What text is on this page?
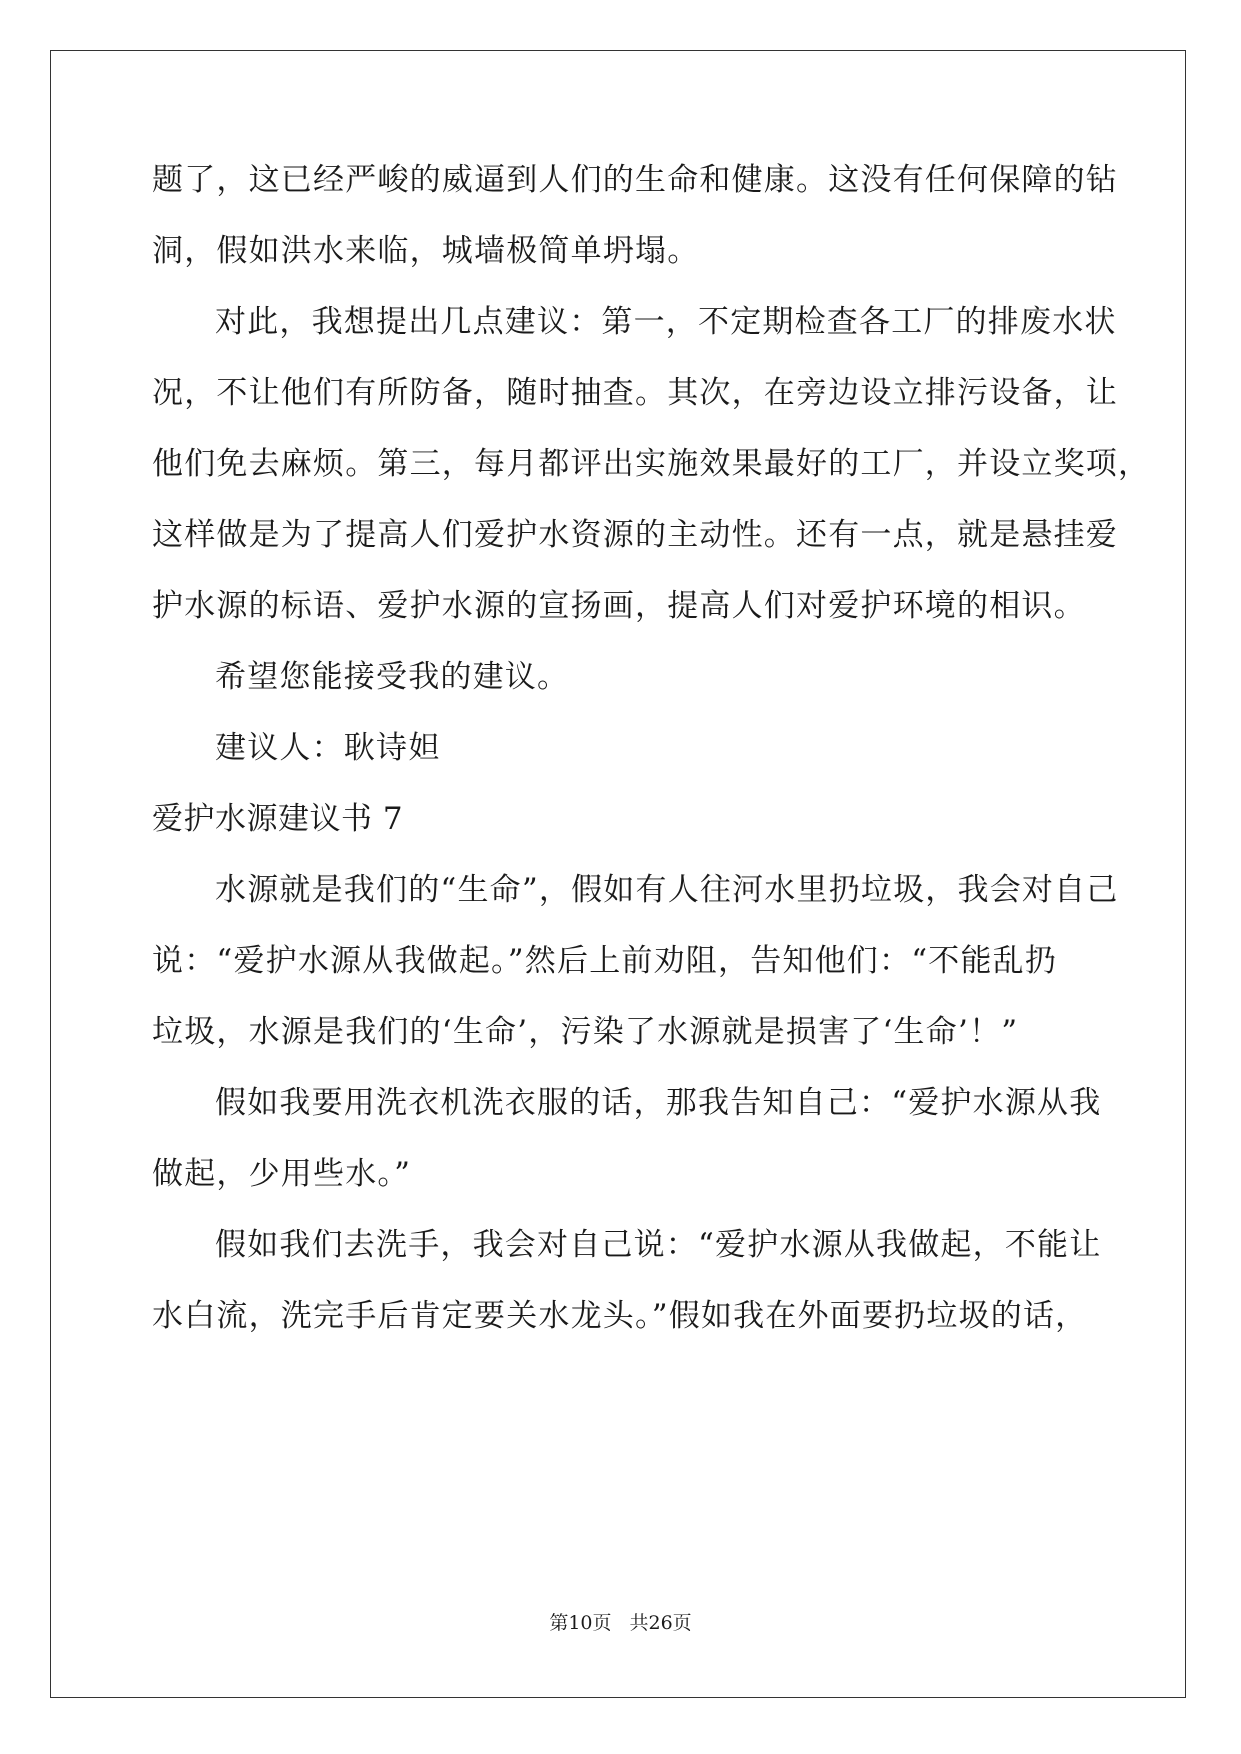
题了，这已经严峻的威逼到人们的生命和健康。这没有任何保障的钻
洞，假如洪水来临，城墙极简单坍塌。
对此，我想提出几点建议：第一，不定期检查各工厂的排废水状
况，不让他们有所防备，随时抽查。其次，在旁边设立排污设备，让
他们免去麻烦。第三，每月都评出实施效果最好的工厂，并设立奖项，
这样做是为了提高人们爱护水资源的主动性。还有一点，就是悬挂爱
护水源的标语、爱护水源的宣扬画，提高人们对爱护环境的相识。
希望您能接受我的建议。
建议人：耿诗妲
爱护水源建议书 7
水源就是我们的“生命”，假如有人往河水里扔垃圾，我会对自己
说：“爱护水源从我做起。”然后上前劝阻，告知他们：“不能乱扔
垃圾，水源是我们的‘生命’，污染了水源就是损害了‘生命’！”
假如我要用洗衣机洗衣服的话，那我告知自己：“爱护水源从我
做起，少用些水。”
假如我们去洗手，我会对自己说：“爱护水源从我做起，不能让
水白流，洗完手后肯定要关水龙头。”假如我在外面要扔垃圾的话，
第10页 共26页
